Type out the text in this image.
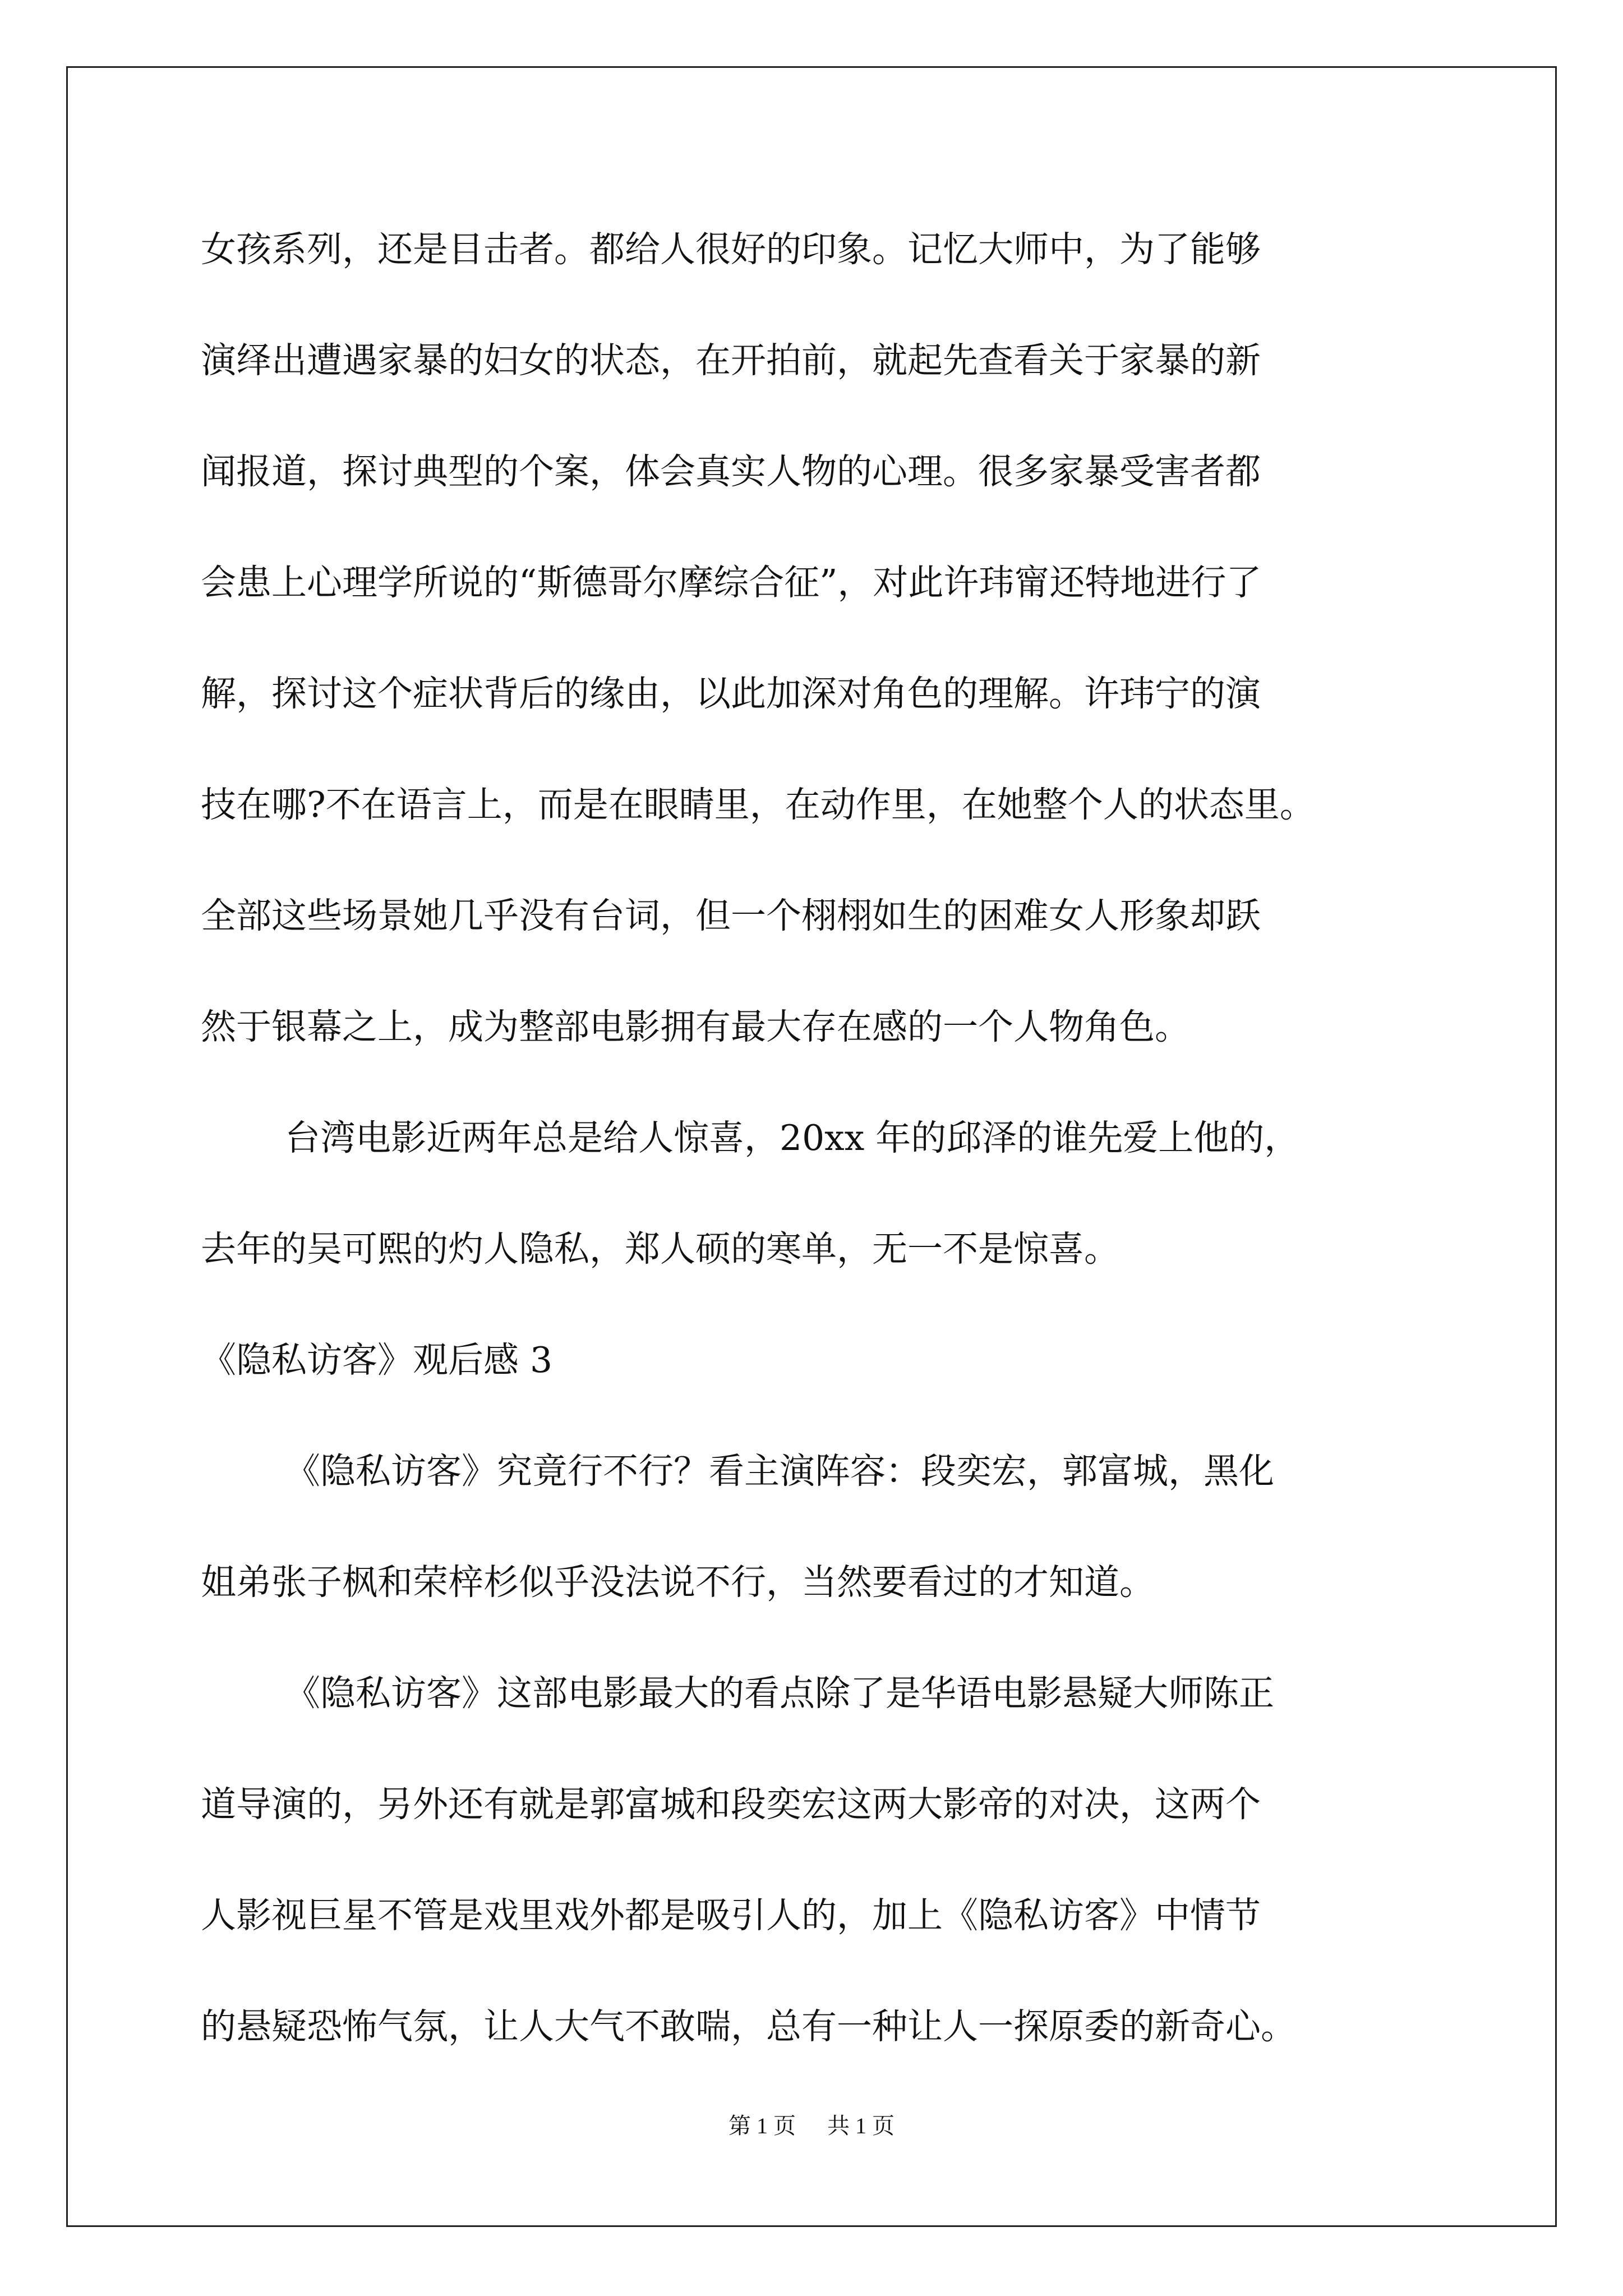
女孩系列，还是目击者。都给人很好的印象。记忆大师中，为了能够

演绎出遭遇家暴的妇女的状态，在开拍前，就起先查看关于家暴的新

闻报道，探讨典型的个案，体会真实人物的心理。很多家暴受害者都

会患上心理学所说的“斯德哥尔摩综合征”，对此许玮甯还特地进行了

解，探讨这个症状背后的缘由，以此加深对角色的理解。许玮宁的演

技在哪?不在语言上，而是在眼睛里，在动作里，在她整个人的状态里。

全部这些场景她几乎没有台词，但一个栩栩如生的困难女人形象却跃

然于银幕之上，成为整部电影拥有最大存在感的一个人物角色。

台湾电影近两年总是给人惊喜，20xx 年的邱泽的谁先爱上他的，

去年的吴可熙的灼人隐私，郑人硕的寒单，无一不是惊喜。

《隐私访客》观后感 3

《隐私访客》究竟行不行？看主演阵容：段奕宏，郭富城，黑化

姐弟张子枫和荣梓杉似乎没法说不行，当然要看过的才知道。

《隐私访客》这部电影最大的看点除了是华语电影悬疑大师陈正

道导演的，另外还有就是郭富城和段奕宏这两大影帝的对决，这两个

人影视巨星不管是戏里戏外都是吸引人的，加上《隐私访客》中情节

的悬疑恐怖气氛，让人大气不敢喘，总有一种让人一探原委的新奇心。

第 1 页 共 1 页
